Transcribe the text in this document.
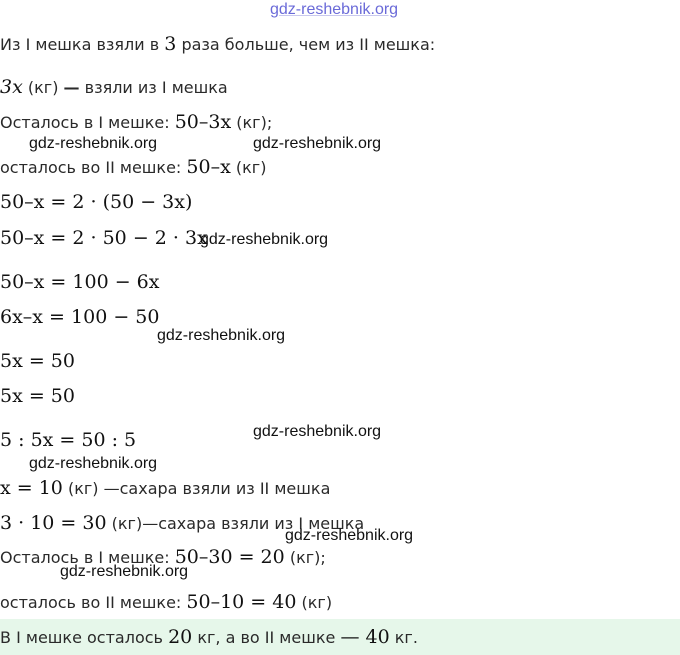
gdz-reshebnik.org
Из I мешка взяли в 3 раза больше, чем из II мешка:
3x (кг) — взяли из I мешка
Осталось в I мешке: 50–3x (кг);
gdz-reshebnik.org	gdz-reshebnik.org
осталось во II мешке: 50–x (кг)
50–x = 2 · (50 − 3x)
50–x = 2 · 50 − 2 · 3x
gdz-reshebnik.org
50–x = 100 − 6x
6x–x = 100 − 50
gdz-reshebnik.org
5x = 50
5x = 50
gdz-reshebnik.org
5 : 5x = 50 : 5
gdz-reshebnik.org
x = 10 (кг) —сахара взяли из II мешка
3 · 10 = 30 (кг)—сахара взяли из I мешка
gdz-reshebnik.org
Осталось в I мешке: 50–30 = 20 (кг);
gdz-reshebnik.org
осталось во II мешке: 50–10 = 40 (кг)
В I мешке осталось 20 кг, а во II мешке — 40 кг.
